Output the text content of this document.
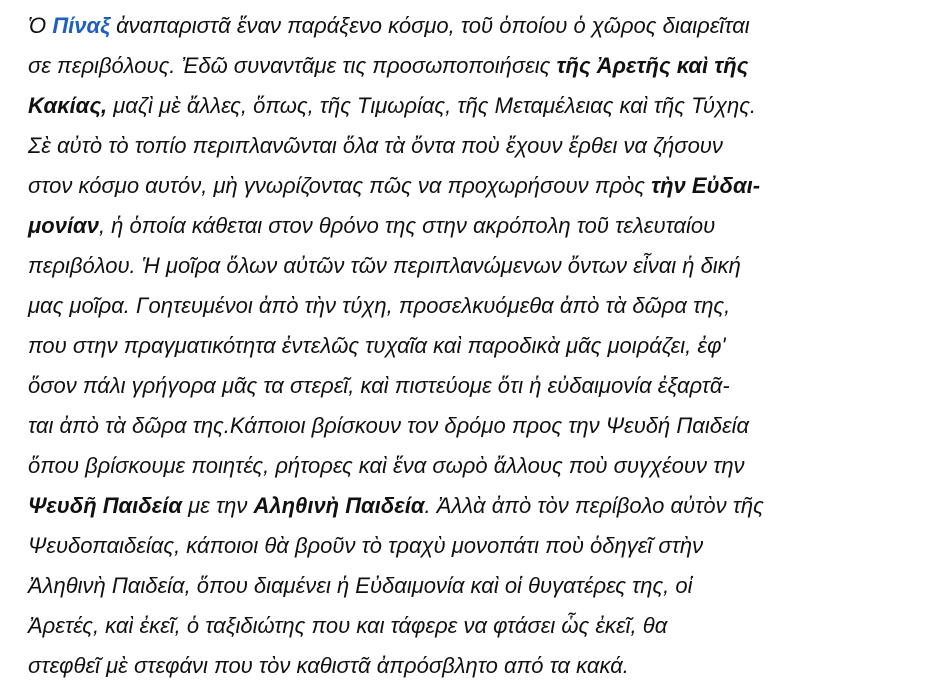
Ὁ Πίναξ ἀναπαριστᾶ ἕναν παράξενο κόσμο, τοῦ ὁποίου ὁ χῶρος διαιρεῖται
σε περιβόλους. Ἐδῶ συναντᾶμε τις προσωποποιήσεις τῆς Ἀρετῆς καὶ τῆς
Κακίας, μαζὶ μὲ ἄλλες, ὅπως, τῆς Τιμωρίας, τῆς Μεταμέλειας καὶ τῆς Τύχης.
Σὲ αὐτὸ τὸ τοπίο περιπλανῶνται ὅλα τὰ ὄντα ποὺ ἔχουν ἔρθει να ζήσουν
στον κόσμο αυτόν, μὴ γνωρίζοντας πῶς να προχωρήσουν πρὸς τὴν Εὐδαι-
μονίαν, ἡ ὁποία κάθεται στον θρόνο της στην ακρόπολη τοῦ τελευταίου
περιβόλου. Ἡ μοῖρα ὅλων αὐτῶν τῶν περιπλανώμενων ὄντων εἶναι ἡ δική
μας μοῖρα. Γοητευμένοι ἀπὸ τὴν τύχη, προσελκυόμεθα ἀπὸ τὰ δῶρα της,
που στην πραγματικότητα ἐντελῶς τυχαῖα καὶ παροδικὰ μᾶς μοιράζει, ἐφ'
ὅσον πάλι γρήγορα μᾶς τα στερεῖ, καὶ πιστεύομε ὅτι ἡ εὐδαιμονία ἐξαρτᾶ-
ται ἀπὸ τὰ δῶρα της.Κάποιοι βρίσκουν τον δρόμο προς την Ψευδή Παιδεία
ὅπου βρίσκουμε ποιητές, ρήτορες καὶ ἕνα σωρὸ ἄλλους ποὺ συγχέουν την
Ψευδῆ Παιδεία με την Αληθινὴ Παιδεία. Ἀλλὰ ἀπὸ τὸν περίβολο αὐτὸν τῆς
Ψευδοπαιδείας, κάποιοι θὰ βροῦν τὸ τραχὺ μονοπάτι ποὺ ὁδηγεῖ στὴν
Ἀληθινὴ Παιδεία, ὅπου διαμένει ἡ Εὐδαιμονία καὶ οἱ θυγατέρες της, οἱ
Ἀρετές, καὶ ἐκεῖ, ὁ ταξιδιώτης που και τάφερε να φτάσει ὧς ἐκεῖ, θα
στεφθεῖ μὲ στεφάνι που τὸν καθιστᾶ ἀπρόσβλητο από τα κακά.
